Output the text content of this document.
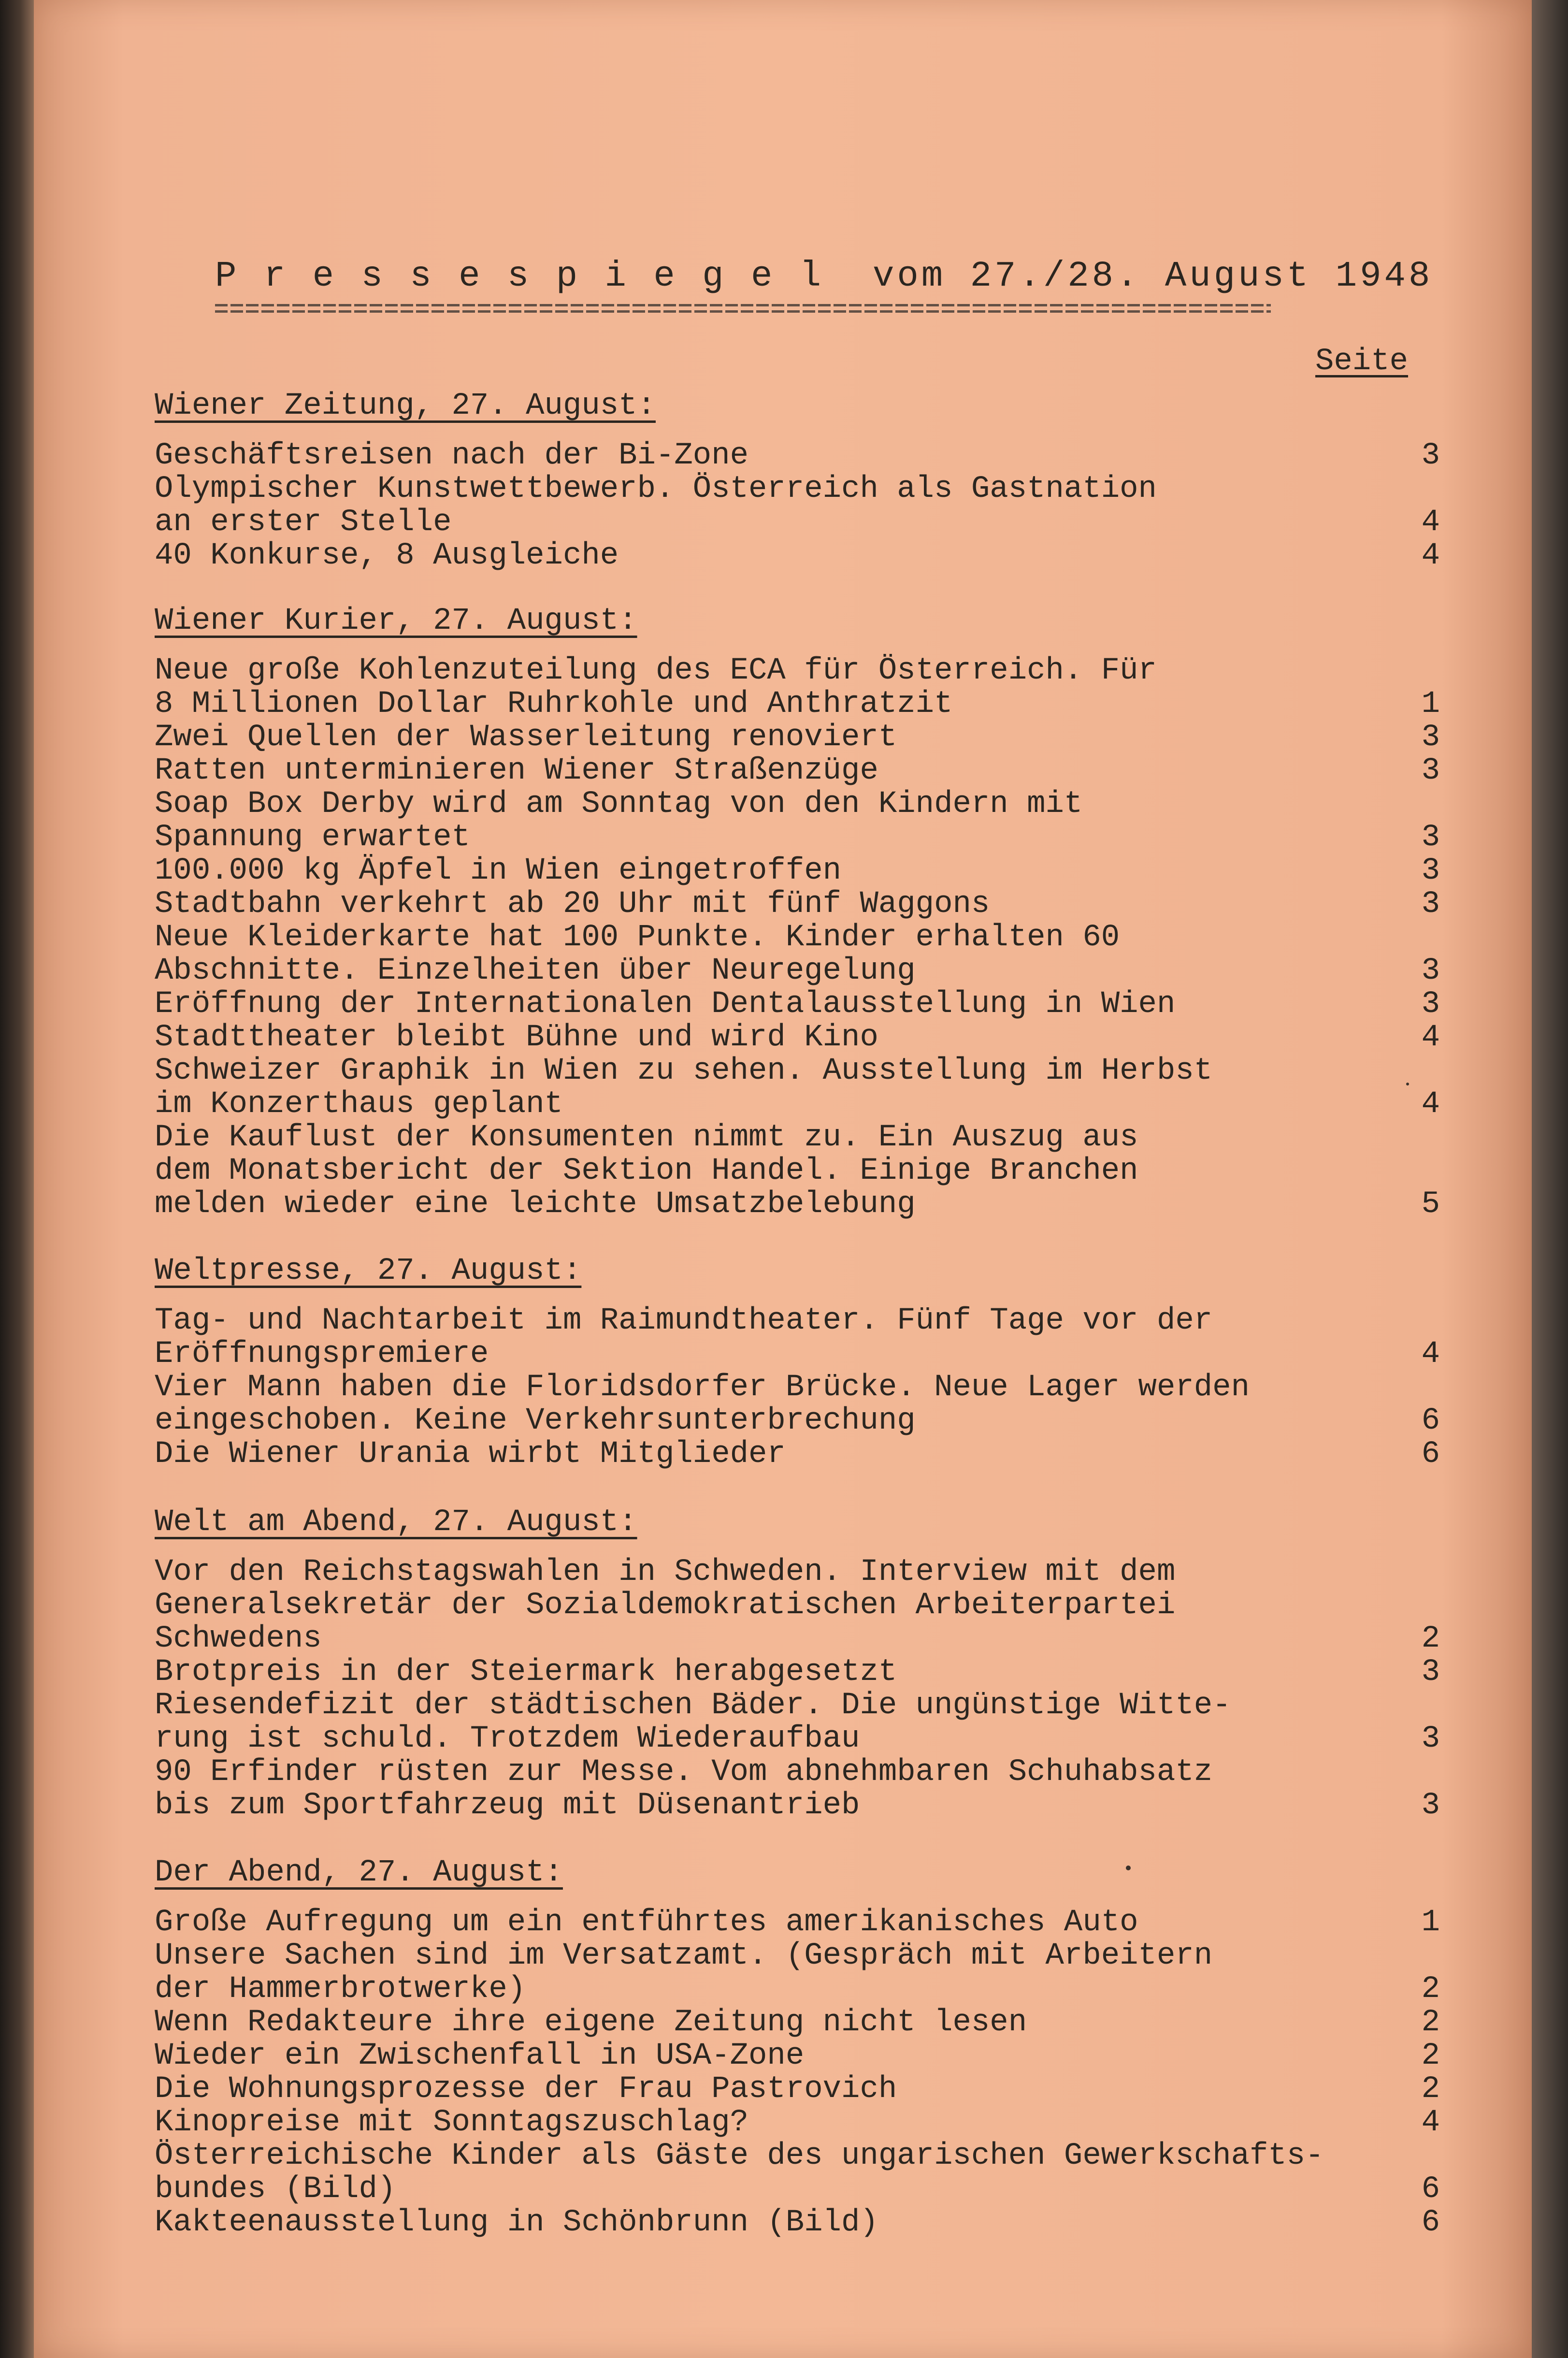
P r e s s e s p i e g e l  vom 27./28. August 1948
Seite
Wiener Zeitung, 27. August:
Geschäftsreisen nach der Bi-Zone	3
Olympischer Kunstwettbewerb. Österreich als Gastnation
an erster Stelle	4
40 Konkurse, 8 Ausgleiche	4
Wiener Kurier, 27. August:
Neue große Kohlenzuteilung des ECA für Österreich. Für
8 Millionen Dollar Ruhrkohle und Anthratzit	1
Zwei Quellen der Wasserleitung renoviert	3
Ratten unterminieren Wiener Straßenzüge	3
Soap Box Derby wird am Sonntag von den Kindern mit
Spannung erwartet	3
100.000 kg Äpfel in Wien eingetroffen	3
Stadtbahn verkehrt ab 20 Uhr mit fünf Waggons	3
Neue Kleiderkarte hat 100 Punkte. Kinder erhalten 60
Abschnitte. Einzelheiten über Neuregelung	3
Eröffnung der Internationalen Dentalausstellung in Wien	3
Stadttheater bleibt Bühne und wird Kino	4
Schweizer Graphik in Wien zu sehen. Ausstellung im Herbst
im Konzerthaus geplant	4
Die Kauflust der Konsumenten nimmt zu. Ein Auszug aus
dem Monatsbericht der Sektion Handel. Einige Branchen
melden wieder eine leichte Umsatzbelebung	5
Weltpresse, 27. August:
Tag- und Nachtarbeit im Raimundtheater. Fünf Tage vor der
Eröffnungspremiere	4
Vier Mann haben die Floridsdorfer Brücke. Neue Lager werden
eingeschoben. Keine Verkehrsunterbrechung	6
Die Wiener Urania wirbt Mitglieder	6
Welt am Abend, 27. August:
Vor den Reichstagswahlen in Schweden. Interview mit dem
Generalsekretär der Sozialdemokratischen Arbeiterpartei
Schwedens	2
Brotpreis in der Steiermark herabgesetzt	3
Riesendefizit der städtischen Bäder. Die ungünstige Witte-
rung ist schuld. Trotzdem Wiederaufbau	3
90 Erfinder rüsten zur Messe. Vom abnehmbaren Schuhabsatz
bis zum Sportfahrzeug mit Düsenantrieb	3
Der Abend, 27. August:
Große Aufregung um ein entführtes amerikanisches Auto	1
Unsere Sachen sind im Versatzamt. (Gespräch mit Arbeitern
der Hammerbrotwerke)	2
Wenn Redakteure ihre eigene Zeitung nicht lesen	2
Wieder ein Zwischenfall in USA-Zone	2
Die Wohnungsprozesse der Frau Pastrovich	2
Kinopreise mit Sonntagszuschlag?	4
Österreichische Kinder als Gäste des ungarischen Gewerkschafts-
bundes (Bild)	6
Kakteenausstellung in Schönbrunn (Bild)	6
